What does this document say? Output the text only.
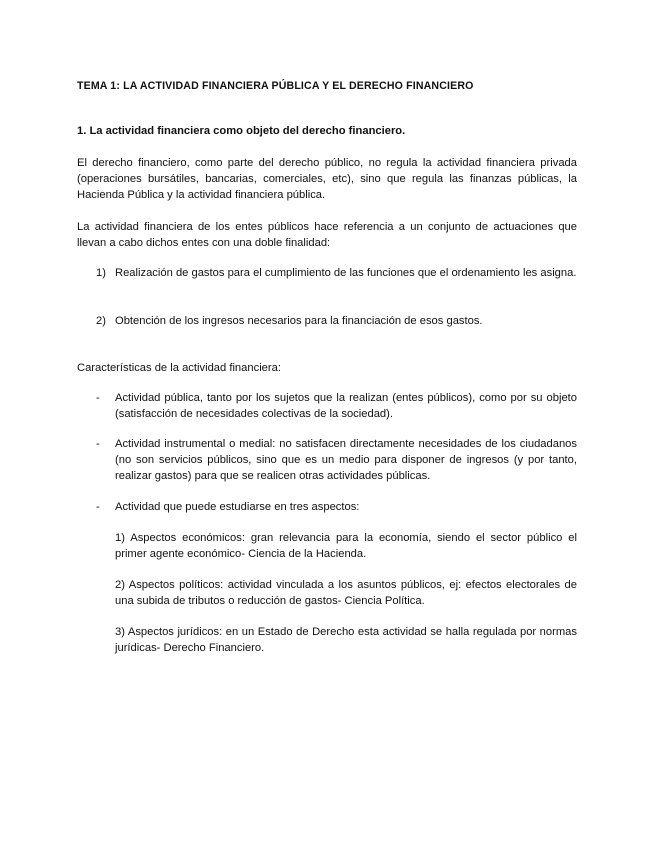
TEMA 1: LA ACTIVIDAD FINANCIERA PÚBLICA Y EL DERECHO FINANCIERO
1. La actividad financiera como objeto del derecho financiero.

El derecho financiero, como parte del derecho público, no regula la actividad financiera privada (operaciones bursátiles, bancarias, comerciales, etc), sino que regula las finanzas públicas, la Hacienda Pública y la actividad financiera pública.

La actividad financiera de los entes públicos hace referencia a un conjunto de actuaciones que llevan a cabo dichos entes con una doble finalidad:

1) Realización de gastos para el cumplimiento de las funciones que el ordenamiento les asigna.
2) Obtención de los ingresos necesarios para la financiación de esos gastos.

Características de la actividad financiera:

- Actividad pública, tanto por los sujetos que la realizan (entes públicos), como por su objeto (satisfacción de necesidades colectivas de la sociedad).
- Actividad instrumental o medial: no satisfacen directamente necesidades de los ciudadanos (no son servicios públicos, sino que es un medio para disponer de ingresos (y por tanto, realizar gastos) para que se realicen otras actividades públicas.
- Actividad que puede estudiarse en tres aspectos:

1) Aspectos económicos: gran relevancia para la economía, siendo el sector público el primer agente económico- Ciencia de la Hacienda.

2) Aspectos políticos: actividad vinculada a los asuntos públicos, ej: efectos electorales de una subida de tributos o reducción de gastos- Ciencia Política.

3) Aspectos jurídicos: en un Estado de Derecho esta actividad se halla regulada por normas jurídicas- Derecho Financiero.
